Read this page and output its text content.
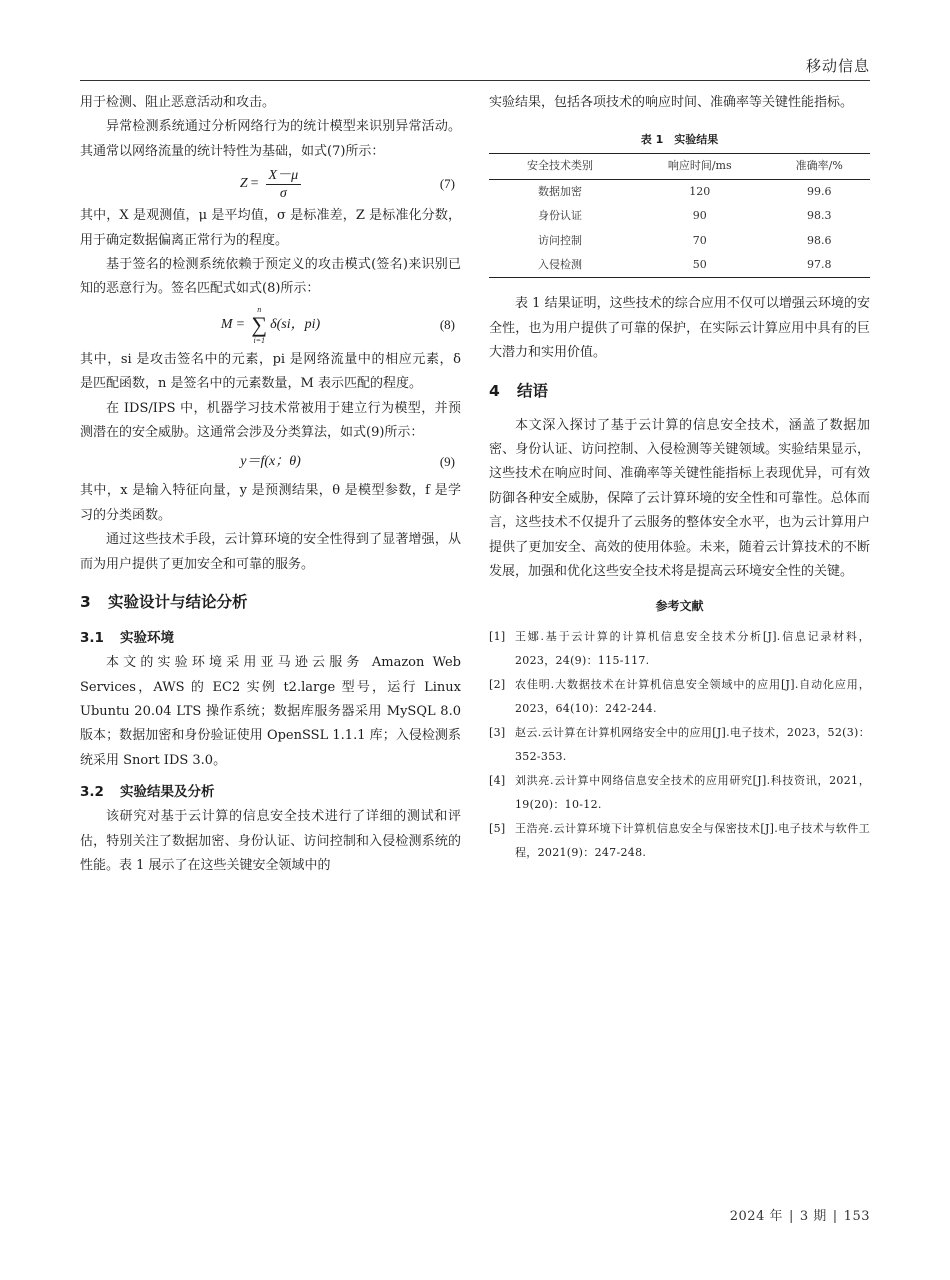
移动信息

用于检测、阻止恶意活动和攻击。

异常检测系统通过分析网络行为的统计模型来识别异常活动。其通常以网络流量的统计特性为基础，如式(7)所示：

$Z = \frac{X-\mu}{\sigma}$	(7)

其中，X 是观测值，μ 是平均值，σ 是标准差，Z 是标准化分数，用于确定数据偏离正常行为的程度。

基于签名的检测系统依赖于预定义的攻击模式(签名)来识别已知的恶意行为。签名匹配式如式(8)所示：

M =
n
∑
i=1
δ(si，pi)	(8)

其中，si 是攻击签名中的元素，pi 是网络流量中的相应元素，δ 是匹配函数，n 是签名中的元素数量，M 表示匹配的程度。

在 IDS/IPS 中，机器学习技术常被用于建立行为模型，并预测潜在的安全威胁。这通常会涉及分类算法，如式(9)所示：

y＝f(x；θ)	(9)

其中，x 是输入特征向量，y 是预测结果，θ 是模型参数，f 是学习的分类函数。

通过这些技术手段，云计算环境的安全性得到了显著增强，从而为用户提供了更加安全和可靠的服务。

3 实验设计与结论分析
3.1 实验环境

本文的实验环境采用亚马逊云服务 Amazon Web Services，AWS 的 EC2 实例 t2.large 型号，运行 Linux Ubuntu 20.04 LTS 操作系统；数据库服务器采用 MySQL 8.0 版本；数据加密和身份验证使用 OpenSSL 1.1.1 库；入侵检测系统采用 Snort IDS 3.0。

3.2 实验结果及分析

该研究对基于云计算的信息安全技术进行了详细的测试和评估，特别关注了数据加密、身份认证、访问控制和入侵检测系统的性能。表 1 展示了在这些关键安全领域中的

实验结果，包括各项技术的响应时间、准确率等关键性能指标。

表 1　实验结果
安全技术类别	响应时间/ms	准确率/%
数据加密	120	99.6
身份认证	90	98.3
访问控制	70	98.6
入侵检测	50	97.8

表 1 结果证明，这些技术的综合应用不仅可以增强云环境的安全性，也为用户提供了可靠的保护，在实际云计算应用中具有的巨大潜力和实用价值。

4 结语

本文深入探讨了基于云计算的信息安全技术，涵盖了数据加密、身份认证、访问控制、入侵检测等关键领域。实验结果显示，这些技术在响应时间、准确率等关键性能指标上表现优异，可有效防御各种安全威胁，保障了云计算环境的安全性和可靠性。总体而言，这些技术不仅提升了云服务的整体安全水平，也为云计算用户提供了更加安全、高效的使用体验。未来，随着云计算技术的不断发展，加强和优化这些安全技术将是提高云环境安全性的关键。

参考文献
[1] 王娜.基于云计算的计算机信息安全技术分析[J].信息记录材料，2023，24(9)：115-117.
[2] 农佳明.大数据技术在计算机信息安全领域中的应用[J].自动化应用，2023，64(10)：242-244.
[3] 赵云.云计算在计算机网络安全中的应用[J].电子技术，2023，52(3)：352-353.
[4] 刘洪亮.云计算中网络信息安全技术的应用研究[J].科技资讯，2021，19(20)：10-12.
[5] 王浩亮.云计算环境下计算机信息安全与保密技术[J].电子技术与软件工程，2021(9)：247-248.
2024 年 | 3 期 | 153
